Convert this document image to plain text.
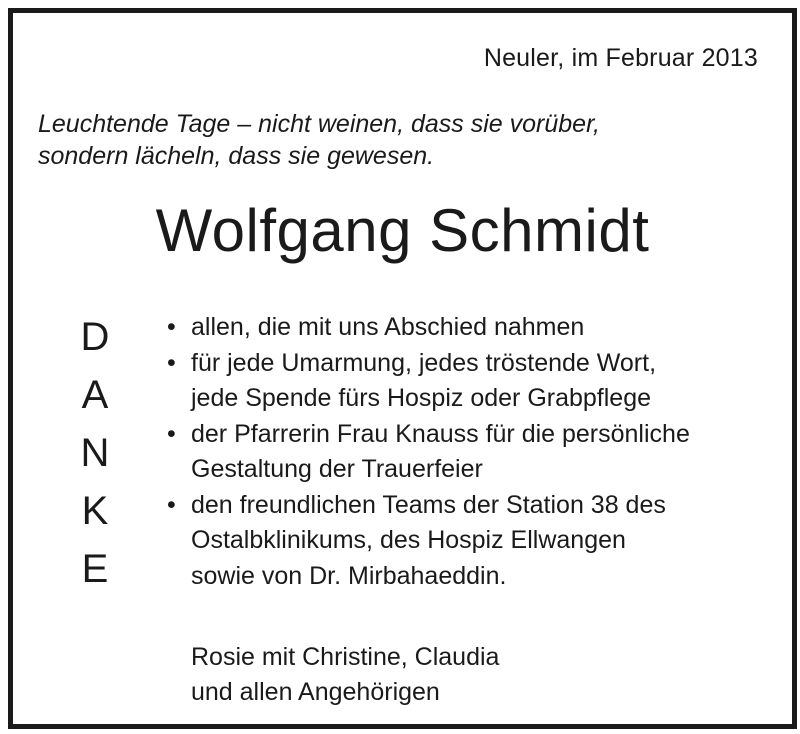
Neuler, im Februar 2013
Leuchtende Tage – nicht weinen, dass sie vorüber,
sondern lächeln, dass sie gewesen.
Wolfgang Schmidt
D
A
N
K
E
• allen, die mit uns Abschied nahmen
• für jede Umarmung, jedes tröstende Wort,
jede Spende fürs Hospiz oder Grabpflege
• der Pfarrerin Frau Knauss für die persönliche
Gestaltung der Trauerfeier
• den freundlichen Teams der Station 38 des
Ostalbklinikums, des Hospiz Ellwangen
sowie von Dr. Mirbahaeddin.
Rosie mit Christine, Claudia
und allen Angehörigen
